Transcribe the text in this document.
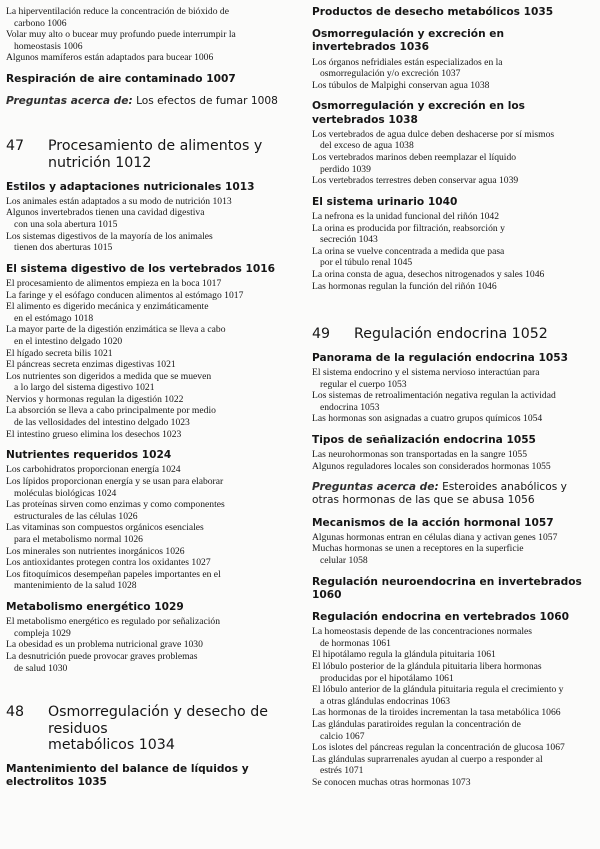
La hiperventilación reduce la concentración de bióxido de
carbono 1006

Volar muy alto o bucear muy profundo puede interrumpir la
homeostasis 1006

Algunos mamíferos están adaptados para bucear 1006

Respiración de aire contaminado 1007

Preguntas acerca de: Los efectos de fumar 1008
47 Procesamiento de alimentos y
nutrición 1012

Estilos y adaptaciones nutricionales 1013

Los animales están adaptados a su modo de nutrición 1013

Algunos invertebrados tienen una cavidad digestiva
con una sola abertura 1015

Los sistemas digestivos de la mayoría de los animales
tienen dos aberturas 1015

El sistema digestivo de los vertebrados 1016

El procesamiento de alimentos empieza en la boca 1017

La faringe y el esófago conducen alimentos al estómago 1017

El alimento es digerido mecánica y enzimáticamente
en el estómago 1018

La mayor parte de la digestión enzimática se lleva a cabo
en el intestino delgado 1020

El hígado secreta bilis 1021

El páncreas secreta enzimas digestivas 1021

Los nutrientes son digeridos a medida que se mueven
a lo largo del sistema digestivo 1021

Nervios y hormonas regulan la digestión 1022

La absorción se lleva a cabo principalmente por medio
de las vellosidades del intestino delgado 1023

El intestino grueso elimina los desechos 1023

Nutrientes requeridos 1024

Los carbohidratos proporcionan energía 1024

Los lípidos proporcionan energía y se usan para elaborar
moléculas biológicas 1024

Las proteínas sirven como enzimas y como componentes
estructurales de las células 1026

Las vitaminas son compuestos orgánicos esenciales
para el metabolismo normal 1026

Los minerales son nutrientes inorgánicos 1026

Los antioxidantes protegen contra los oxidantes 1027

Los fitoquímicos desempeñan papeles importantes en el
mantenimiento de la salud 1028

Metabolismo energético 1029

El metabolismo energético es regulado por señalización
compleja 1029

La obesidad es un problema nutricional grave 1030

La desnutrición puede provocar graves problemas
de salud 1030

48 Osmorregulación y desecho de residuos
metabólicos 1034

Mantenimiento del balance de líquidos y
electrolitos 1035

Productos de desecho metabólicos 1035

Osmorregulación y excreción en
invertebrados 1036

Los órganos nefridiales están especializados en la
osmorregulación y/o excreción 1037

Los túbulos de Malpighi conservan agua 1038

Osmorregulación y excreción en los
vertebrados 1038

Los vertebrados de agua dulce deben deshacerse por sí mismos
del exceso de agua 1038

Los vertebrados marinos deben reemplazar el líquido
perdido 1039

Los vertebrados terrestres deben conservar agua 1039

El sistema urinario 1040

La nefrona es la unidad funcional del riñón 1042

La orina es producida por filtración, reabsorción y
secreción 1043

La orina se vuelve concentrada a medida que pasa
por el túbulo renal 1045

La orina consta de agua, desechos nitrogenados y sales 1046

Las hormonas regulan la función del riñón 1046

49 Regulación endocrina 1052

Panorama de la regulación endocrina 1053

El sistema endocrino y el sistema nervioso interactúan para
regular el cuerpo 1053

Los sistemas de retroalimentación negativa regulan la actividad
endocrina 1053

Las hormonas son asignadas a cuatro grupos químicos 1054

Tipos de señalización endocrina 1055

Las neurohormonas son transportadas en la sangre 1055

Algunos reguladores locales son considerados hormonas 1055

Preguntas acerca de: Esteroides anabólicos y
otras hormonas de las que se abusa 1056

Mecanismos de la acción hormonal 1057

Algunas hormonas entran en células diana y activan genes 1057

Muchas hormonas se unen a receptores en la superficie
celular 1058

Regulación neuroendocrina en invertebrados 1060

Regulación endocrina en vertebrados 1060

La homeostasis depende de las concentraciones normales
de hormonas 1061

El hipotálamo regula la glándula pituitaria 1061

El lóbulo posterior de la glándula pituitaria libera hormonas
producidas por el hipotálamo 1061

El lóbulo anterior de la glándula pituitaria regula el crecimiento y
a otras glándulas endocrinas 1063

Las hormonas de la tiroides incrementan la tasa metabólica 1066

Las glándulas paratiroides regulan la concentración de
calcio 1067

Los islotes del páncreas regulan la concentración de glucosa 1067

Las glándulas suprarrenales ayudan al cuerpo a responder al
estrés 1071

Se conocen muchas otras hormonas 1073
